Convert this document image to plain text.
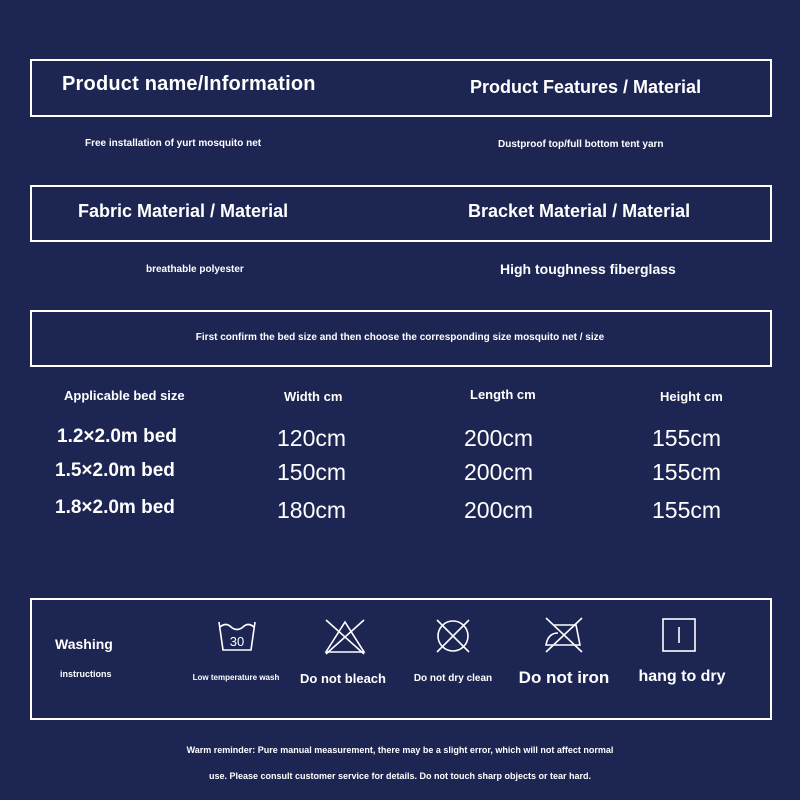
Product name/Information	Product Features / Material
Free installation of yurt mosquito net	Dustproof top/full bottom tent yarn
Fabric Material / Material	Bracket Material / Material
breathable polyester	High toughness fiberglass
First confirm the bed size and then choose the corresponding size mosquito net / size
Applicable bed size	Width cm	Length cm	Height cm
1.2×2.0m bed	120cm	200cm	155cm
1.5×2.0m bed	150cm	200cm	155cm
1.8×2.0m bed	180cm	200cm	155cm
Washing
instructions
30
Low temperature wash Do not bleach	Do not dry clean Do not iron hang to dry
Warm reminder: Pure manual measurement, there may be a slight error, which will not affect normal
use. Please consult customer service for details. Do not touch sharp objects or tear hard.
